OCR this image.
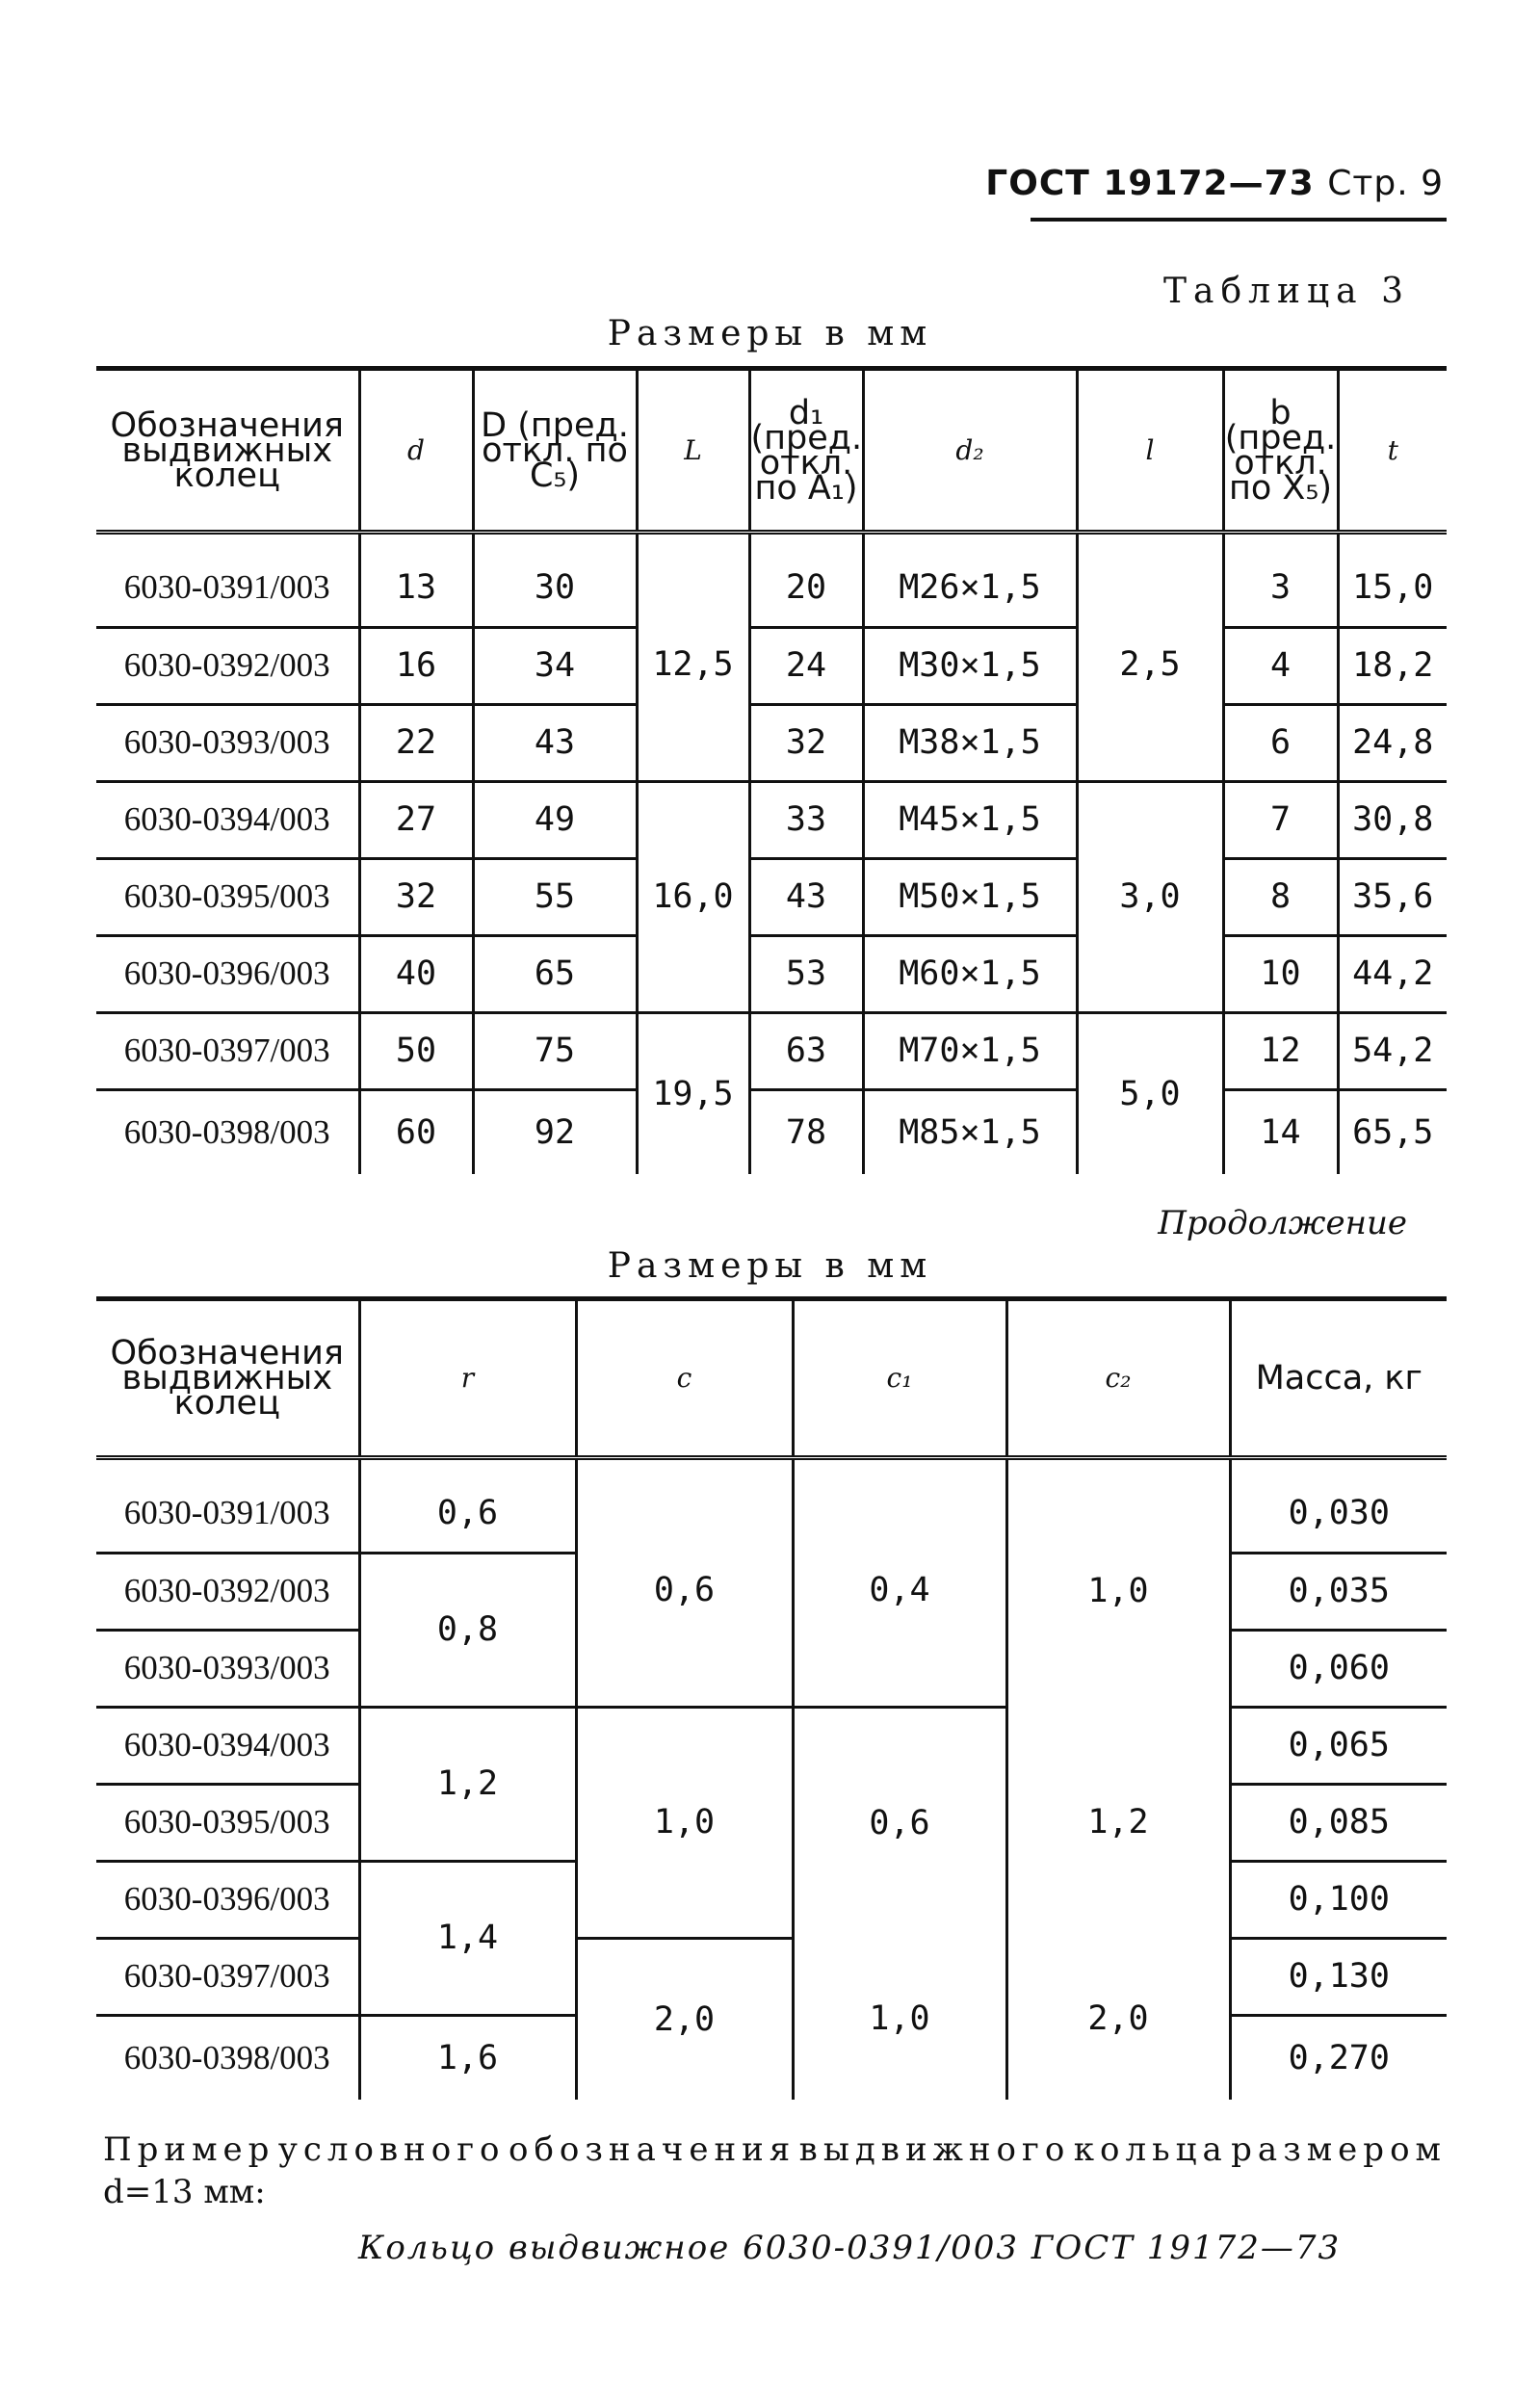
ГОСТ 19172—73 Стр. 9
Таблица 3
Размеры в мм
Обозначения выдвижных колец	d	D (пред. откл. по C₅)	L	d₁ (пред. откл. по A₁)	d₂	l	b (пред. откл. по X₅)	t

6030-0391/003	13	30	12,5	20	M26×1,5	2,5	3	15,0
6030-0392/003	16	34		24	M30×1,5		4	18,2
6030-0393/003	22	43		32	M38×1,5		6	24,8
6030-0394/003	27	49	16,0	33	M45×1,5	3,0	7	30,8
6030-0395/003	32	55		43	M50×1,5		8	35,6
6030-0396/003	40	65		53	M60×1,5		10	44,2
6030-0397/003	50	75	19,5	63	M70×1,5	5,0	12	54,2
6030-0398/003	60	92		78	M85×1,5		14	65,5
Продолжение
Размеры в мм
Обозначения выдвижных колец	r	c	c₁	c₂	Масса, кг

6030-0391/003	0,6	0,6	0,4	1,0	0,030
6030-0392/003	0,8				0,035
6030-0393/003					0,060
6030-0394/003	1,2	1,0	0,6	1,2	0,065
6030-0395/003					0,085
6030-0396/003	1,4				0,100
6030-0397/003		2,0	1,0	2,0	0,130
6030-0398/003	1,6				0,270
Пример условного обозначения выдвижного кольца размером
d=13 мм:
Кольцо выдвижное 6030-0391/003 ГОСТ 19172—73
